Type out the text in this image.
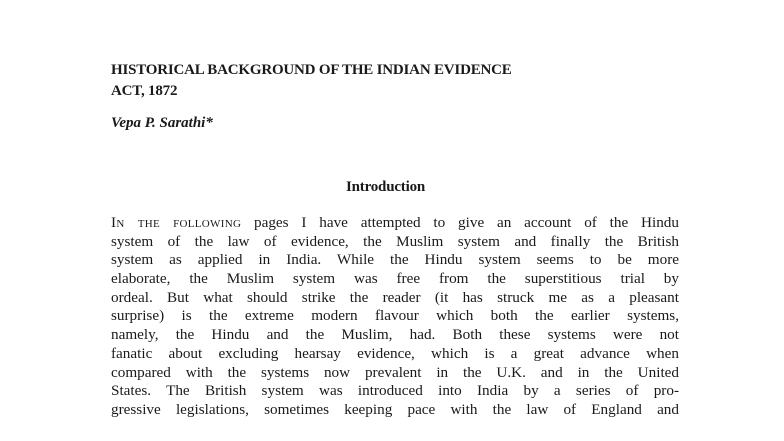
HISTORICAL BACKGROUND OF THE INDIAN EVIDENCE
ACT, 1872
Vepa P. Sarathi*
Introduction
In the following pages I have attempted to give an account of the Hindu
system of the law of evidence, the Muslim system and finally the British
system as applied in India. While the Hindu system seems to be more
elaborate, the Muslim system was free from the superstitious trial by
ordeal. But what should strike the reader (it has struck me as a pleasant
surprise) is the extreme modern flavour which both the earlier systems,
namely, the Hindu and the Muslim, had. Both these systems were not
fanatic about excluding hearsay evidence, which is a great advance when
compared with the systems now prevalent in the U.K. and in the United
States. The British system was introduced into India by a series of pro-
gressive legislations, sometimes keeping pace with the law of England and
